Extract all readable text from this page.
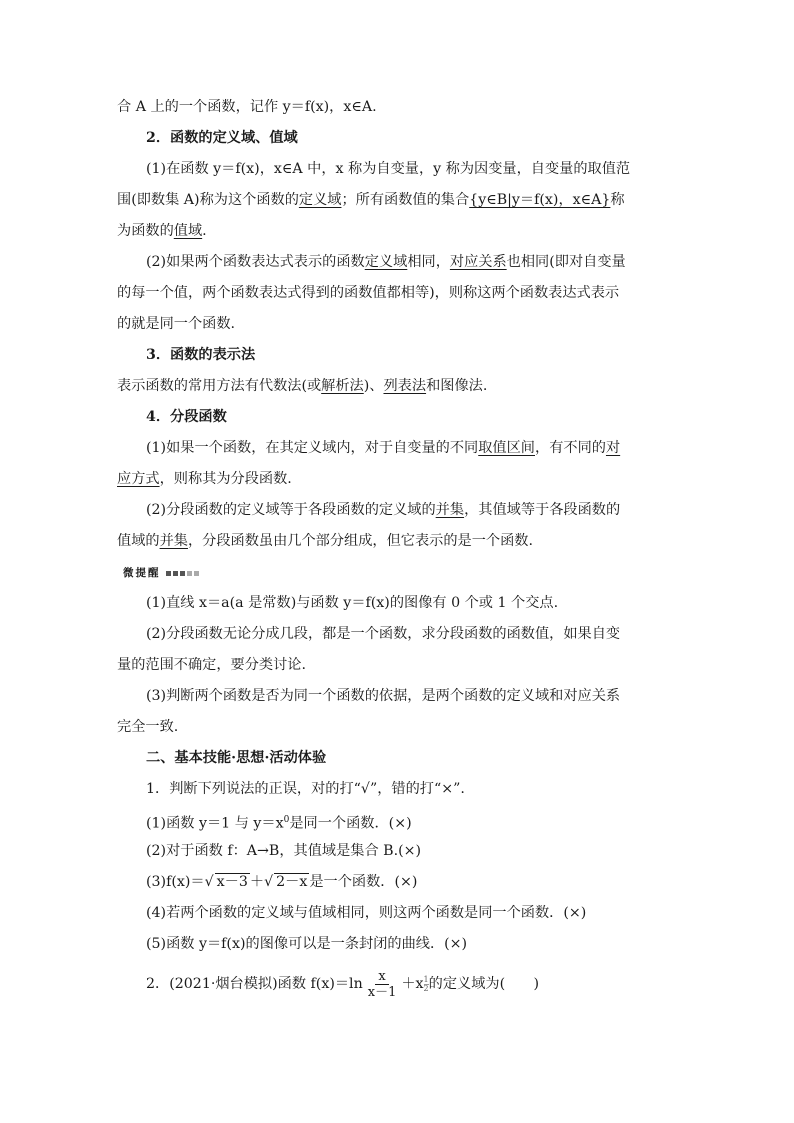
合 A 上的一个函数，记作 y＝f(x)，x∈A.
2．函数的定义域、值域
(1)在函数 y＝f(x)，x∈A 中，x 称为自变量，y 称为因变量，自变量的取值范
围(即数集 A)称为这个函数的定义域；所有函数值的集合{y∈B|y＝f(x)，x∈A}称
为函数的值域.
(2)如果两个函数表达式表示的函数定义域相同，对应关系也相同(即对自变量
的每一个值，两个函数表达式得到的函数值都相等)，则称这两个函数表达式表示
的就是同一个函数.
3．函数的表示法
表示函数的常用方法有代数法(或解析法)、列表法和图像法.
4．分段函数
(1)如果一个函数，在其定义域内，对于自变量的不同取值区间，有不同的对
应方式，则称其为分段函数.
(2)分段函数的定义域等于各段函数的定义域的并集，其值域等于各段函数的
值域的并集，分段函数虽由几个部分组成，但它表示的是一个函数.
微提醒
(1)直线 x＝a(a 是常数)与函数 y＝f(x)的图像有 0 个或 1 个交点.
(2)分段函数无论分成几段，都是一个函数，求分段函数的函数值，如果自变
量的范围不确定，要分类讨论.
(3)判断两个函数是否为同一个函数的依据，是两个函数的定义域和对应关系
完全一致.
二、基本技能·思想·活动体验
1．判断下列说法的正误，对的打“√”，错的打“×”.
(1)函数 y＝1 与 $y=x^0$是同一个函数．(×)
(2)对于函数 f：A→B，其值域是集合 B.(×)
(3)f(x)＝√ x－3 ＋√ 2－x 是一个函数．(×)
(4)若两个函数的定义域与值域相同，则这两个函数是同一个函数．(×)
(5)函数 y＝f(x)的图像可以是一条封闭的曲线．(×)
2．(2021·烟台模拟)函数 $f(x)=\ln \frac{x}{x-1} +x \frac{1}{2}$ 的定义域为(　　)
